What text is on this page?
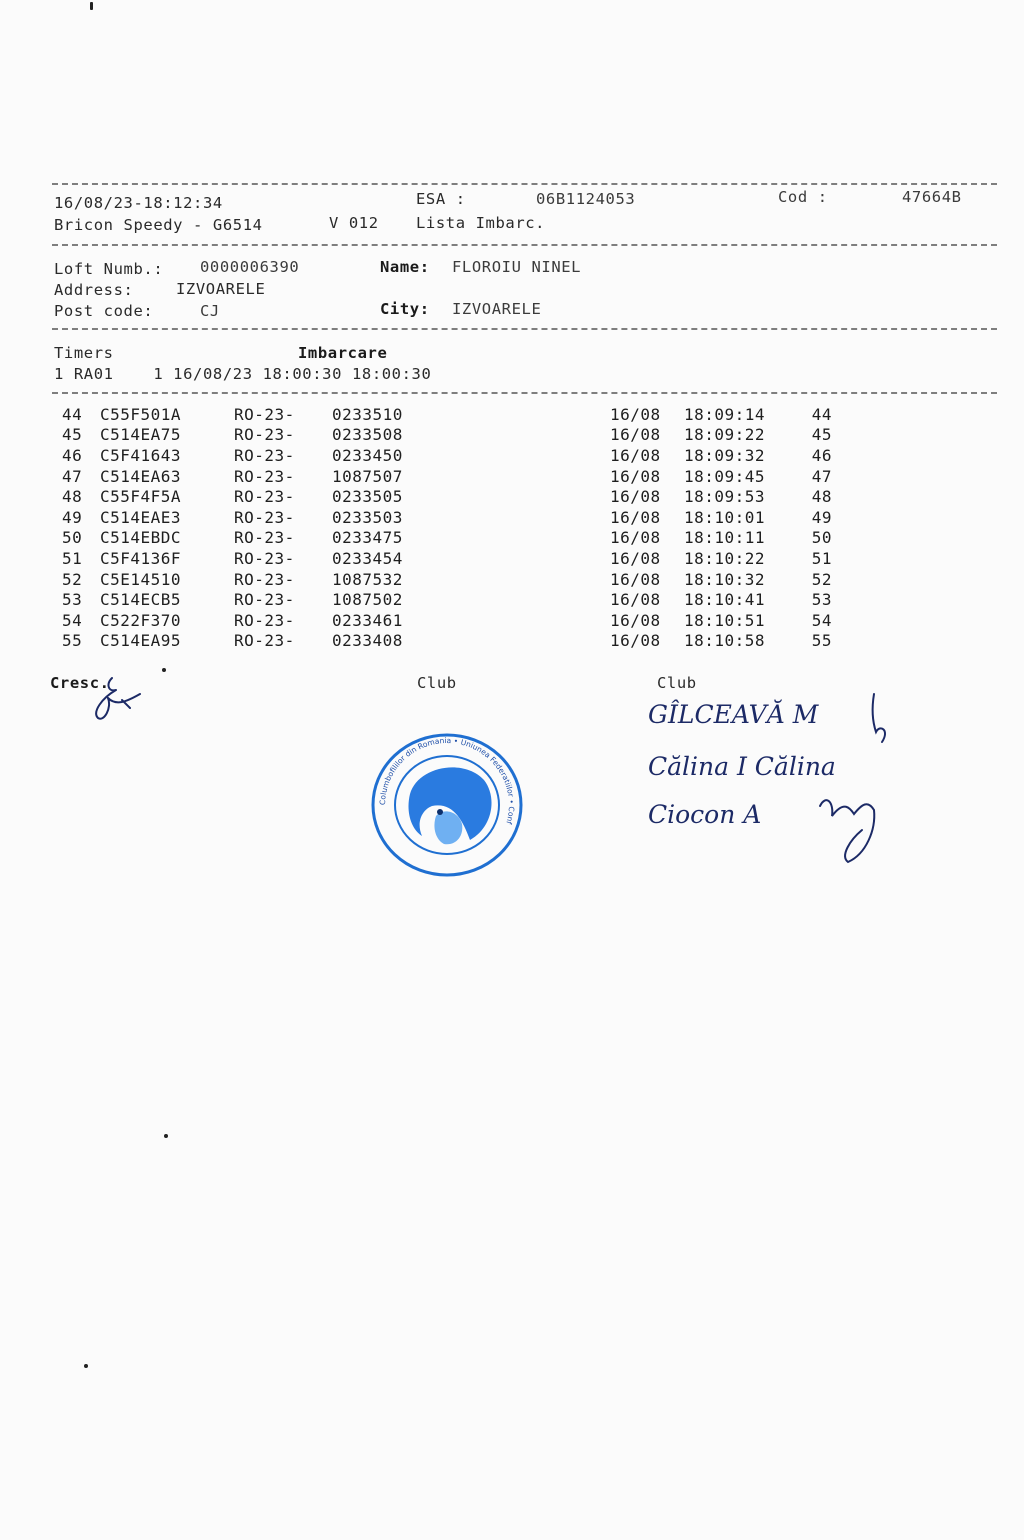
16/08/23-18:12:34	ESA :	06B1124053	Cod :	47664B
Bricon Speedy - G6514	V 012 Lista Imbarc.
Loft Numb.: 0000006390	Name: FLOROIU NINEL
Address:	IZVOARELE
Post code:	CJ	City: IZVOARELE
Timers	Imbarcare
1 RA01    1 16/08/23 18:00:30 18:00:30
44	C55F501A	RO-23-	0233510	16/08	18:09:14	44
45	C514EA75	RO-23-	0233508	16/08	18:09:22	45
46	C5F41643	RO-23-	0233450	16/08	18:09:32	46
47	C514EA63	RO-23-	1087507	16/08	18:09:45	47
48	C55F4F5A	RO-23-	0233505	16/08	18:09:53	48
49	C514EAE3	RO-23-	0233503	16/08	18:10:01	49
50	C514EBDC	RO-23-	0233475	16/08	18:10:11	50
51	C5F4136F	RO-23-	0233454	16/08	18:10:22	51
52	C5E14510	RO-23-	1087532	16/08	18:10:32	52
53	C514ECB5	RO-23-	1087502	16/08	18:10:41	53
54	C522F370	RO-23-	0233461	16/08	18:10:51	54
55	C514EA95	RO-23-	0233408	16/08	18:10:58	55
Cresc.	Club	Club
Columbofililor din Romania • Uniunea Federatiilor • Conf
GÎLCEAVĂ M
Călina I Călina
Ciocon A
